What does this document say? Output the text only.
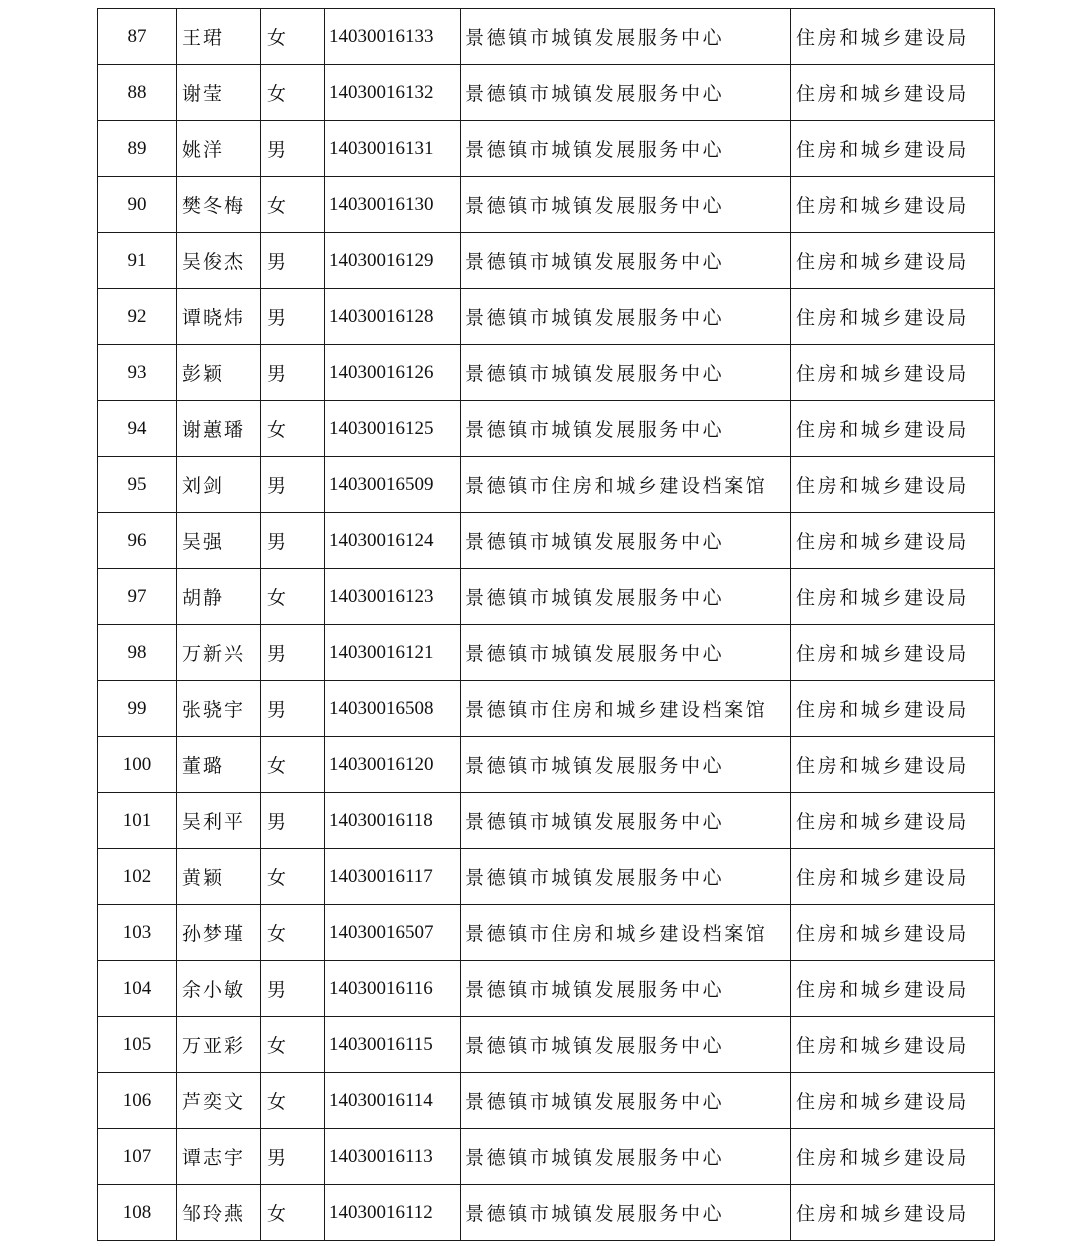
87	王珺	女	14030016133	景德镇市城镇发展服务中心	住房和城乡建设局
88	谢莹	女	14030016132	景德镇市城镇发展服务中心	住房和城乡建设局
89	姚洋	男	14030016131	景德镇市城镇发展服务中心	住房和城乡建设局
90	樊冬梅	女	14030016130	景德镇市城镇发展服务中心	住房和城乡建设局
91	吴俊杰	男	14030016129	景德镇市城镇发展服务中心	住房和城乡建设局
92	谭晓炜	男	14030016128	景德镇市城镇发展服务中心	住房和城乡建设局
93	彭颖	男	14030016126	景德镇市城镇发展服务中心	住房和城乡建设局
94	谢蕙璠	女	14030016125	景德镇市城镇发展服务中心	住房和城乡建设局
95	刘剑	男	14030016509	景德镇市住房和城乡建设档案馆	住房和城乡建设局
96	吴强	男	14030016124	景德镇市城镇发展服务中心	住房和城乡建设局
97	胡静	女	14030016123	景德镇市城镇发展服务中心	住房和城乡建设局
98	万新兴	男	14030016121	景德镇市城镇发展服务中心	住房和城乡建设局
99	张骁宇	男	14030016508	景德镇市住房和城乡建设档案馆	住房和城乡建设局
100	董璐	女	14030016120	景德镇市城镇发展服务中心	住房和城乡建设局
101	吴利平	男	14030016118	景德镇市城镇发展服务中心	住房和城乡建设局
102	黄颖	女	14030016117	景德镇市城镇发展服务中心	住房和城乡建设局
103	孙梦瑾	女	14030016507	景德镇市住房和城乡建设档案馆	住房和城乡建设局
104	余小敏	男	14030016116	景德镇市城镇发展服务中心	住房和城乡建设局
105	万亚彩	女	14030016115	景德镇市城镇发展服务中心	住房和城乡建设局
106	芦奕文	女	14030016114	景德镇市城镇发展服务中心	住房和城乡建设局
107	谭志宇	男	14030016113	景德镇市城镇发展服务中心	住房和城乡建设局
108	邹玲燕	女	14030016112	景德镇市城镇发展服务中心	住房和城乡建设局
